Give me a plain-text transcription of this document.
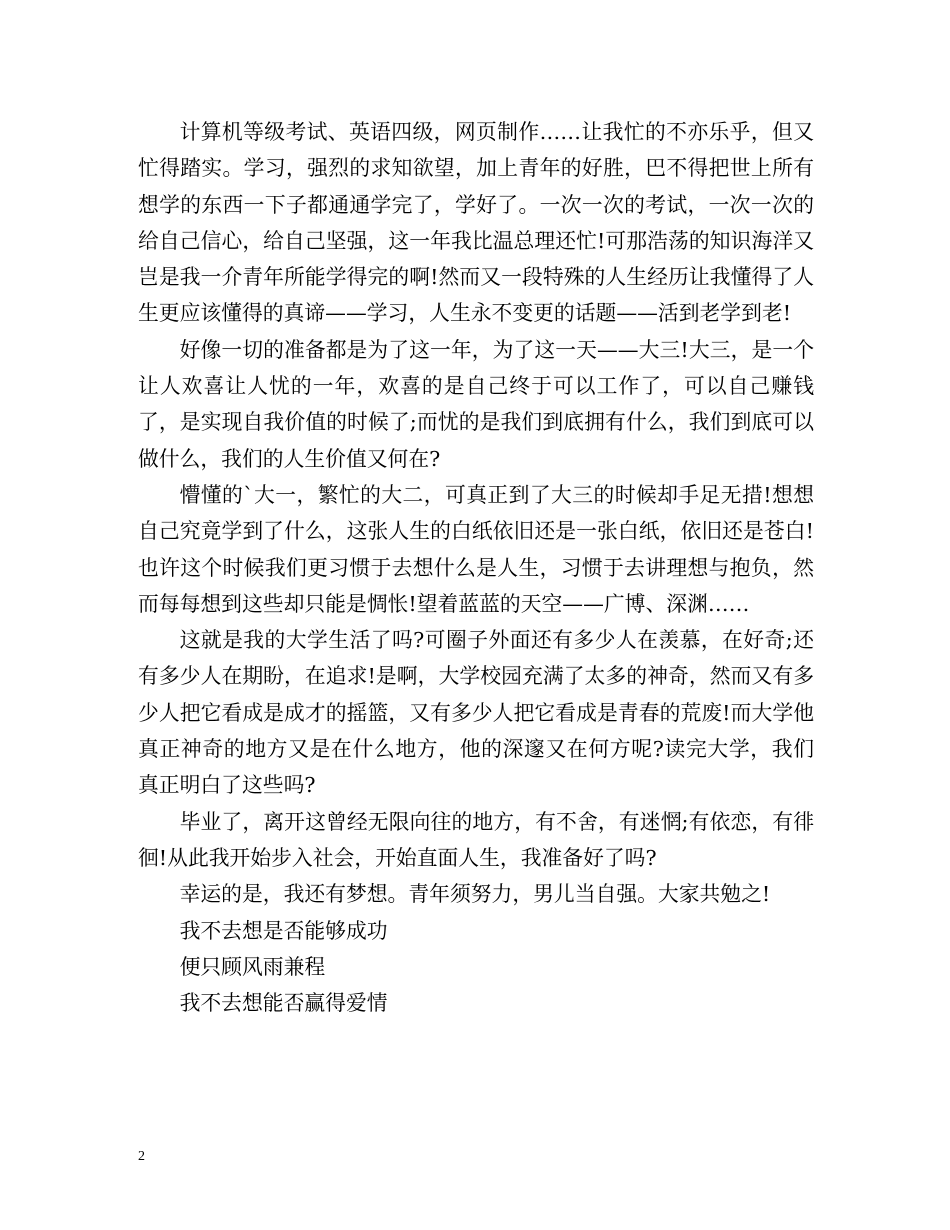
计算机等级考试、英语四级，网页制作……让我忙的不亦乐乎，但又忙得踏实。学习，强烈的求知欲望，加上青年的好胜，巴不得把世上所有想学的东西一下子都通通学完了，学好了。一次一次的考试，一次一次的给自己信心，给自己坚强，这一年我比温总理还忙!可那浩荡的知识海洋又岂是我一介青年所能学得完的啊!然而又一段特殊的人生经历让我懂得了人生更应该懂得的真谛——学习，人生永不变更的话题——活到老学到老!

好像一切的准备都是为了这一年，为了这一天——大三!大三，是一个让人欢喜让人忧的一年，欢喜的是自己终于可以工作了，可以自己赚钱了，是实现自我价值的时候了;而忧的是我们到底拥有什么，我们到底可以做什么，我们的人生价值又何在?

懵懂的`大一，繁忙的大二，可真正到了大三的时候却手足无措!想想自己究竟学到了什么，这张人生的白纸依旧还是一张白纸，依旧还是苍白!也许这个时候我们更习惯于去想什么是人生，习惯于去讲理想与抱负，然而每每想到这些却只能是惆怅!望着蓝蓝的天空——广博、深渊……

这就是我的大学生活了吗?可圈子外面还有多少人在羡慕，在好奇;还有多少人在期盼，在追求!是啊，大学校园充满了太多的神奇，然而又有多少人把它看成是成才的摇篮，又有多少人把它看成是青春的荒废!而大学他真正神奇的地方又是在什么地方，他的深邃又在何方呢?读完大学，我们真正明白了这些吗?

毕业了，离开这曾经无限向往的地方，有不舍，有迷惘;有依恋，有徘徊!从此我开始步入社会，开始直面人生，我准备好了吗?

幸运的是，我还有梦想。青年须努力，男儿当自强。大家共勉之!

我不去想是否能够成功

便只顾风雨兼程

我不去想能否赢得爱情

2
